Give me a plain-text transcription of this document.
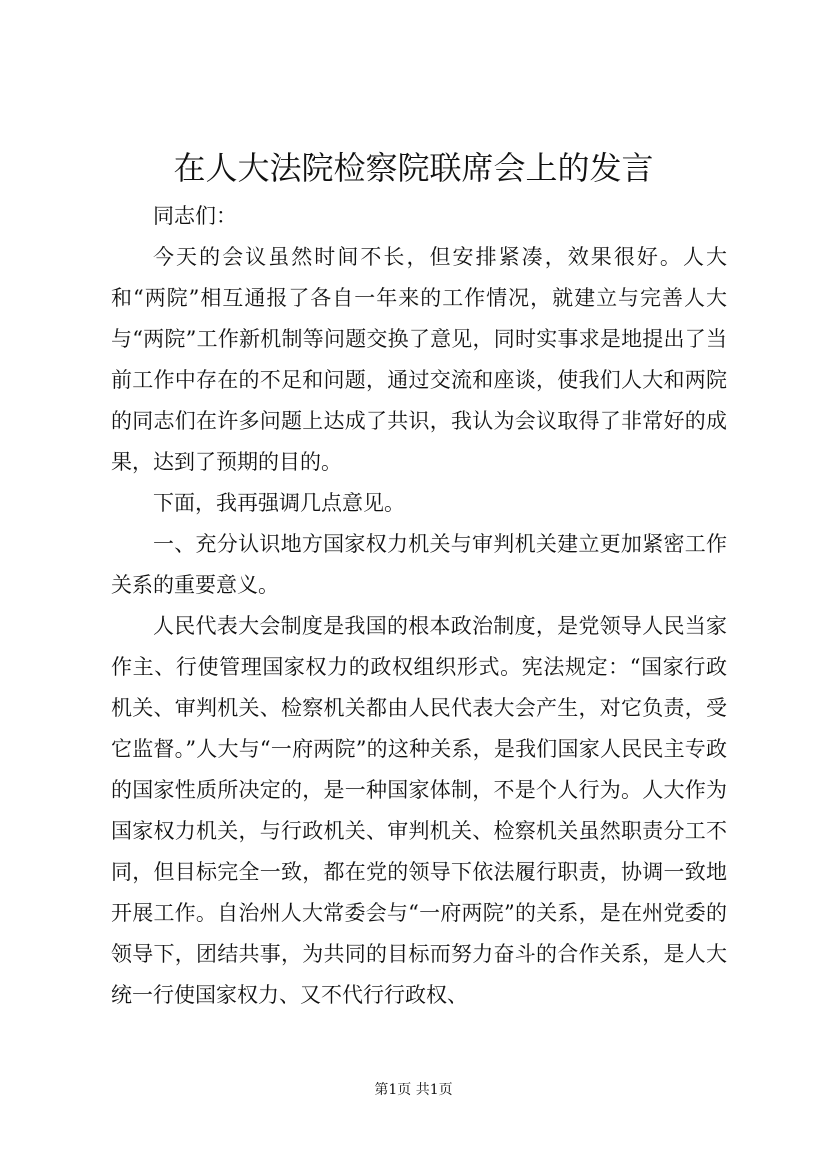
在人大法院检察院联席会上的发言

同志们：

今天的会议虽然时间不长，但安排紧凑，效果很好。人大和“两院”相互通报了各自一年来的工作情况，就建立与完善人大与“两院”工作新机制等问题交换了意见，同时实事求是地提出了当前工作中存在的不足和问题，通过交流和座谈，使我们人大和两院的同志们在许多问题上达成了共识，我认为会议取得了非常好的成果，达到了预期的目的。

下面，我再强调几点意见。

一、充分认识地方国家权力机关与审判机关建立更加紧密工作关系的重要意义。

人民代表大会制度是我国的根本政治制度，是党领导人民当家作主、行使管理国家权力的政权组织形式。宪法规定：“国家行政机关、审判机关、检察机关都由人民代表大会产生，对它负责，受它监督。”人大与“一府两院”的这种关系，是我们国家人民民主专政的国家性质所决定的，是一种国家体制，不是个人行为。人大作为国家权力机关，与行政机关、审判机关、检察机关虽然职责分工不同，但目标完全一致，都在党的领导下依法履行职责，协调一致地开展工作。自治州人大常委会与“一府两院”的关系，是在州党委的领导下，团结共事，为共同的目标而努力奋斗的合作关系，是人大统一行使国家权力、又不代行行政权、

第1页 共1页
